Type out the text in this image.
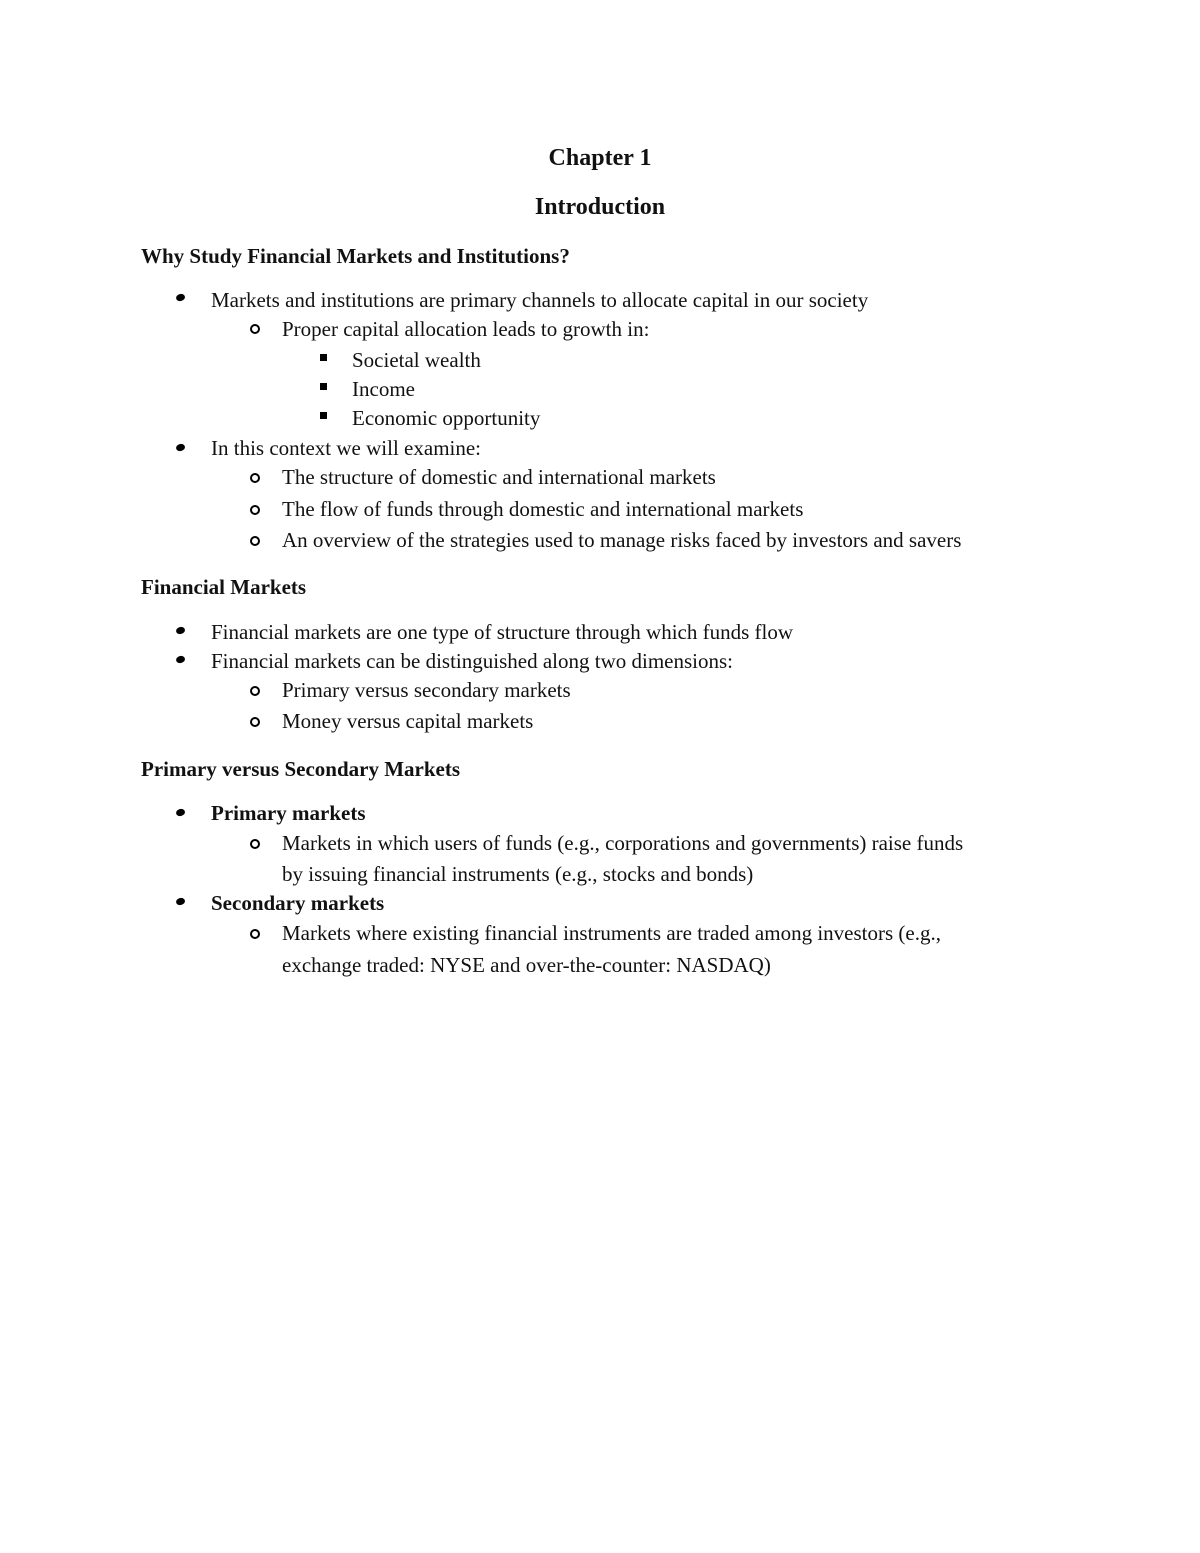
Chapter 1
Introduction
Why Study Financial Markets and Institutions?
Markets and institutions are primary channels to allocate capital in our society
Proper capital allocation leads to growth in:
Societal wealth
Income
Economic opportunity
In this context we will examine:
The structure of domestic and international markets
The flow of funds through domestic and international markets
An overview of the strategies used to manage risks faced by investors and savers
Financial Markets
Financial markets are one type of structure through which funds flow
Financial markets can be distinguished along two dimensions:
Primary versus secondary markets
Money versus capital markets
Primary versus Secondary Markets
Primary markets
Markets in which users of funds (e.g., corporations and governments) raise funds
by issuing financial instruments (e.g., stocks and bonds)
Secondary markets
Markets where existing financial instruments are traded among investors (e.g.,
exchange traded: NYSE and over-the-counter: NASDAQ)
